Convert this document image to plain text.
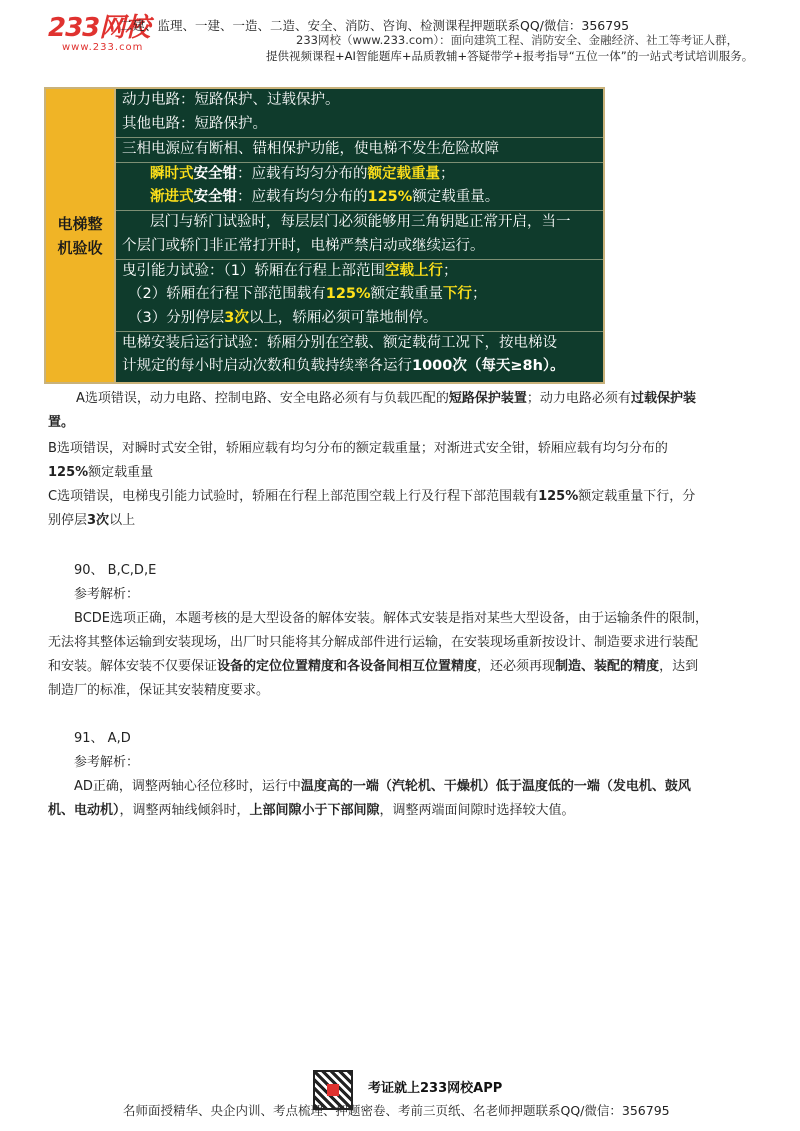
233网校
www.233.com
二建、监理、一建、一造、二造、安全、消防、咨询、检测课程押题联系QQ/微信：356795
233网校（www.233.com）：面向建筑工程、消防安全、金融经济、社工等考证人群，
提供视频课程+AI智能题库+品质教辅+答疑带学+报考指导“五位一体”的一站式考试培训服务。
电梯整
机验收

动力电路：短路保护、过载保护。
其他电路：短路保护。

三相电源应有断相、错相保护功能，使电梯不发生危险故障

瞬时式安全钳：应载有均匀分布的额定载重量；
渐进式安全钳：应载有均匀分布的125%额定载重量。

层门与轿门试验时，每层层门必须能够用三角钥匙正常开启，当一
个层门或轿门非正常打开时，电梯严禁启动或继续运行。

曳引能力试验：（1）轿厢在行程上部范围空载上行；
（2）轿厢在行程下部范围载有125%额定载重量下行；
（3）分别停层3次以上，轿厢必须可靠地制停。

电梯安装后运行试验：轿厢分别在空载、额定载荷工况下，按电梯设
计规定的每小时启动次数和负载持续率各运行1000次（每天≥8h）。
A选项错误，动力电路、控制电路、安全电路必须有与负载匹配的短路保护装置；动力电路必须有过载保护装
置。
B选项错误，对瞬时式安全钳，轿厢应载有均匀分布的额定载重量；对渐进式安全钳，轿厢应载有均匀分布的
125%额定载重量
C选项错误，电梯曳引能力试验时，轿厢在行程上部范围空载上行及行程下部范围载有125%额定载重量下行，分
别停层3次以上
90、 B,C,D,E
参考解析：
BCDE选项正确，本题考核的是大型设备的解体安装。解体式安装是指对某些大型设备，由于运输条件的限制，
无法将其整体运输到安装现场，出厂时只能将其分解成部件进行运输，在安装现场重新按设计、制造要求进行装配
和安装。解体安装不仅要保证设备的定位位置精度和各设备间相互位置精度，还必须再现制造、装配的精度，达到
制造厂的标准，保证其安装精度要求。
91、 A,D
参考解析：
AD正确，调整两轴心径位移时，运行中温度高的一端（汽轮机、干燥机）低于温度低的一端（发电机、鼓风
机、电动机），调整两轴线倾斜时，上部间隙小于下部间隙，调整两端面间隙时选择较大值。
考证就上233网校APP
名师面授精华、央企内训、考点梳理、押题密卷、考前三页纸、名老师押题联系QQ/微信：356795
